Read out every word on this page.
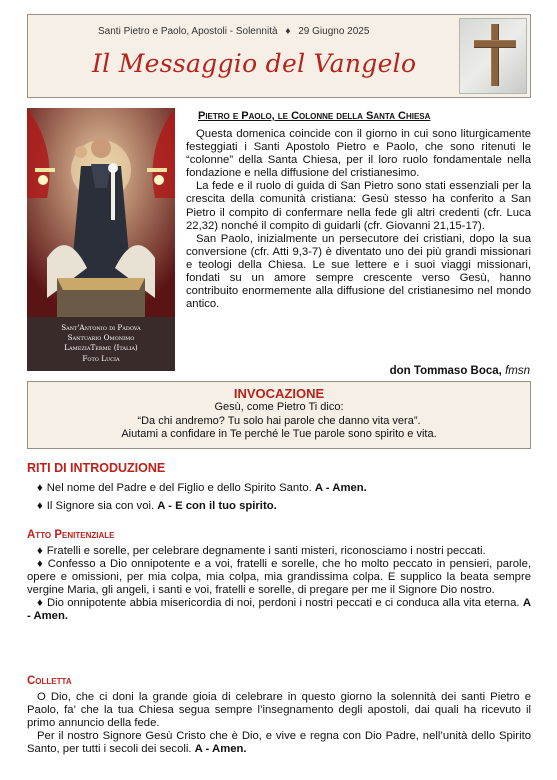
Santi Pietro e Paolo, Apostoli - Solennità ♦ 29 Giugno 2025
Il Messaggio del Vangelo
Sant'Antonio di Padova
Santuario Omonimo
LameziaTerme (Italia)
Foto Lucia
Pietro e Paolo, le Colonne della Santa Chiesa

Questa domenica coincide con il giorno in cui sono liturgicamente festeggiati i Santi Apostolo Pietro e Paolo, che sono ritenuti le “colonne” della Santa Chiesa, per il loro ruolo fondamentale nella fondazione e nella diffusione del cristianesimo.

La fede e il ruolo di guida di San Pietro sono stati essenziali per la crescita della comunità cristiana: Gesù stesso ha conferito a San Pietro il compito di confermare nella fede gli altri credenti (cfr. Luca 22,32) nonché il compito di guidarli (cfr. Giovanni 21,15-17).

San Paolo, inizialmente un persecutore dei cristiani, dopo la sua conversione (cfr. Atti 9,3-7) è diventato uno dei più grandi missionari e teologi della Chiesa. Le sue lettere e i suoi viaggi missionari, fondati su un amore sempre crescente verso Gesù, hanno contribuito enormemente alla diffusione del cristianesimo nel mondo antico.

don Tommaso Boca, fmsn
INVOCAZIONE
Gesù, come Pietro Ti dico:
“Da chi andremo? Tu solo hai parole che danno vita vera”.
Aiutami a confidare in Te perché le Tue parole sono spirito e vita.
RITI DI INTRODUZIONE
♦ Nel nome del Padre e del Figlio e dello Spirito Santo. A - Amen.
♦ Il Signore sia con voi. A - E con il tuo spirito.
Atto Penitenziale

♦ Fratelli e sorelle, per celebrare degnamente i santi misteri, riconosciamo i nostri peccati.

♦ Confesso a Dio onnipotente e a voi, fratelli e sorelle, che ho molto peccato in pensieri, parole, opere e omissioni, per mia colpa, mia colpa, mia grandissima colpa. E supplico la beata sempre vergine Maria, gli angeli, i santi e voi, fratelli e sorelle, di pregare per me il Signore Dio nostro.

♦ Dio onnipotente abbia misericordia di noi, perdoni i nostri peccati e ci conduca alla vita eterna. A - Amen.

Colletta

O Dio, che ci doni la grande gioia di celebrare in questo giorno la solennità dei santi Pietro e Paolo, fa’ che la tua Chiesa segua sempre l’insegnamento degli apostoli, dai quali ha ricevuto il primo annuncio della fede.

Per il nostro Signore Gesù Cristo che è Dio, e vive e regna con Dio Padre, nell’unità dello Spirito Santo, per tutti i secoli dei secoli. A - Amen.
